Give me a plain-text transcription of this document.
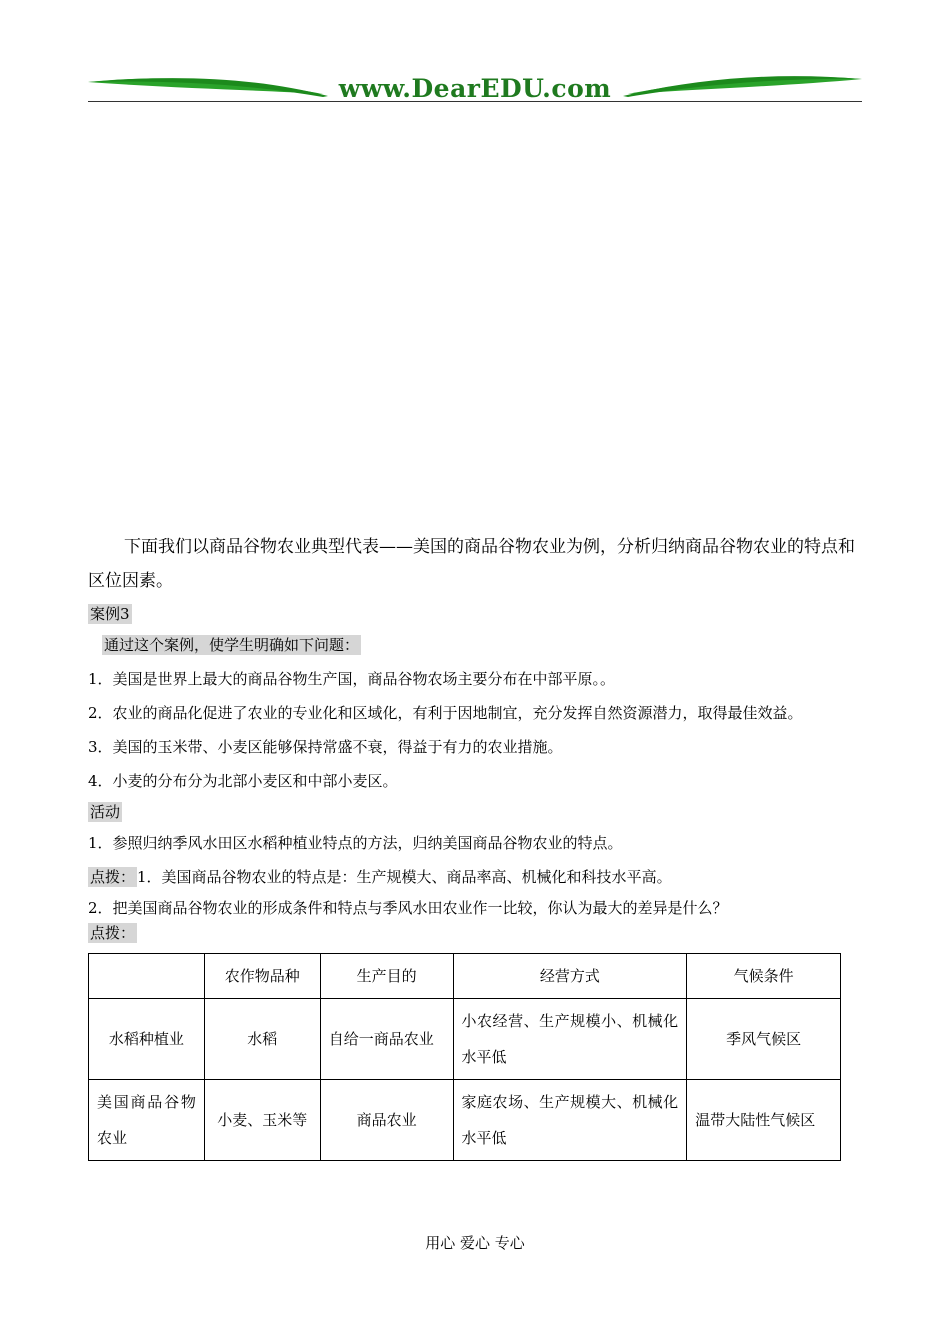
www.DearEDU.com

下面我们以商品谷物农业典型代表——美国的商品谷物农业为例，分析归纳商品谷物农业的特点和区位因素。

案例3
通过这个案例，使学生明确如下问题：
1．美国是世界上最大的商品谷物生产国，商品谷物农场主要分布在中部平原。。
2．农业的商品化促进了农业的专业化和区域化，有利于因地制宜，充分发挥自然资源潜力，取得最佳效益。
3．美国的玉米带、小麦区能够保持常盛不衰，得益于有力的农业措施。
4．小麦的分布分为北部小麦区和中部小麦区。
活动
1．参照归纳季风水田区水稻种植业特点的方法，归纳美国商品谷物农业的特点。
点拨： 1．美国商品谷物农业的特点是：生产规模大、商品率高、机械化和科技水平高。
2．把美国商品谷物农业的形成条件和特点与季风水田农业作一比较，你认为最大的差异是什么？
点拨：
	农作物品种	生产目的	经营方式	气候条件
水稻种植业	水稻	自给一商品农业	小农经营、生产规模小、机械化水平低	季风气候区
美国商品谷物农业	小麦、玉米等	商品农业	家庭农场、生产规模大、机械化水平低	温带大陆性气候区
用心 爱心 专心
